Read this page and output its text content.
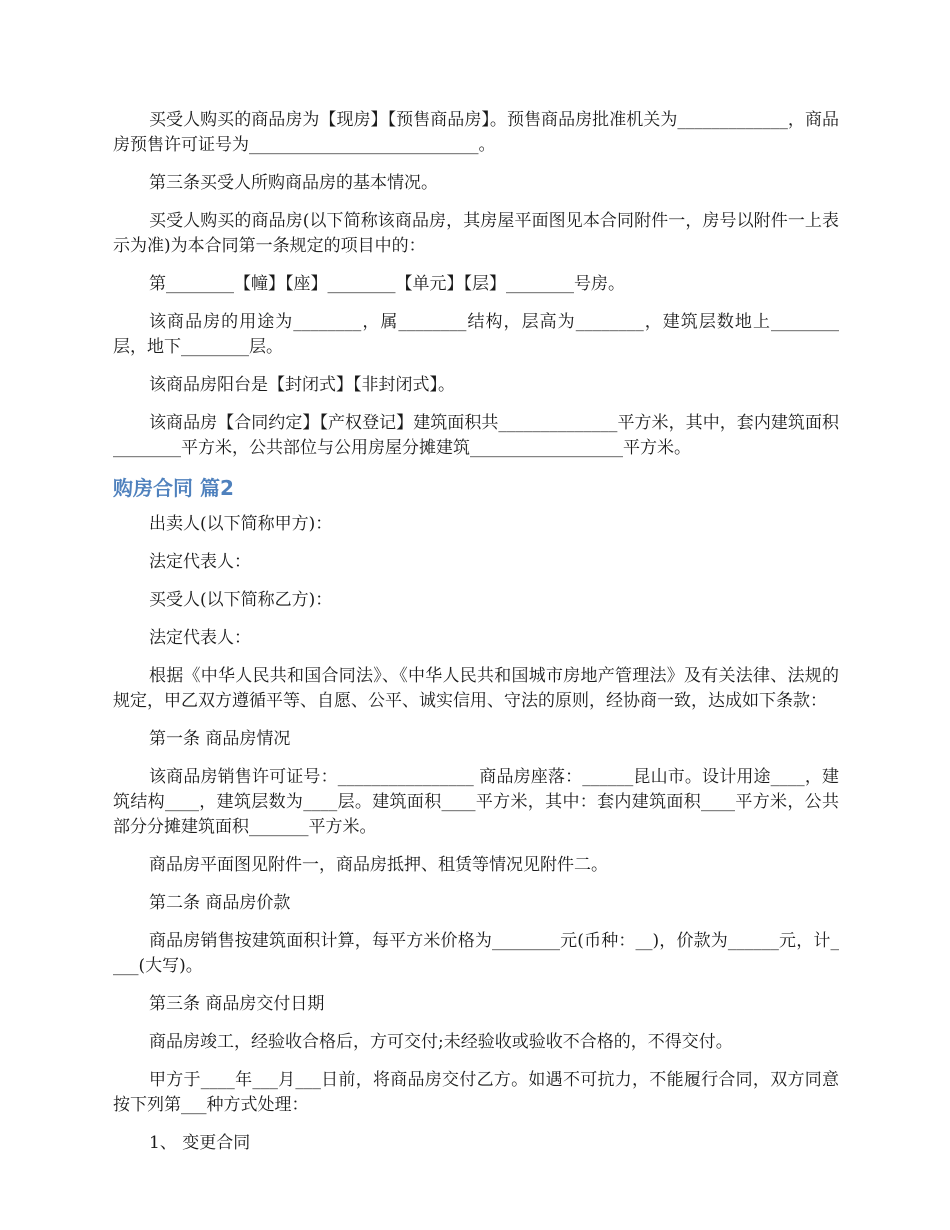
买受人购买的商品房为【现房】【预售商品房】。预售商品房批准机关为_____________，商品房预售许可证号为___________________________。

第三条买受人所购商品房的基本情况。

买受人购买的商品房(以下简称该商品房，其房屋平面图见本合同附件一，房号以附件一上表示为准)为本合同第一条规定的项目中的：

第________【幢】【座】________【单元】【层】________号房。

该商品房的用途为________，属________结构，层高为________，建筑层数地上________层，地下________层。

该商品房阳台是【封闭式】【非封闭式】。

该商品房【合同约定】【产权登记】建筑面积共______________平方米，其中，套内建筑面积________平方米，公共部位与公用房屋分摊建筑__________________平方米。

购房合同 篇2

出卖人(以下简称甲方)：

法定代表人：

买受人(以下简称乙方)：

法定代表人：

根据《中华人民共和国合同法》、《中华人民共和国城市房地产管理法》及有关法律、法规的规定，甲乙双方遵循平等、自愿、公平、诚实信用、守法的原则，经协商一致，达成如下条款：

第一条 商品房情况

该商品房销售许可证号：________________ 商品房座落：______昆山市。设计用途____，建筑结构____，建筑层数为____层。建筑面积____平方米，其中：套内建筑面积____平方米，公共部分分摊建筑面积_______平方米。

商品房平面图见附件一，商品房抵押、租赁等情况见附件二。

第二条 商品房价款

商品房销售按建筑面积计算，每平方米价格为________元(币种：__)，价款为______元，计____(大写)。

第三条 商品房交付日期

商品房竣工，经验收合格后，方可交付;未经验收或验收不合格的，不得交付。

甲方于____年___月___日前，将商品房交付乙方。如遇不可抗力，不能履行合同，双方同意按下列第___种方式处理：

1、 变更合同
